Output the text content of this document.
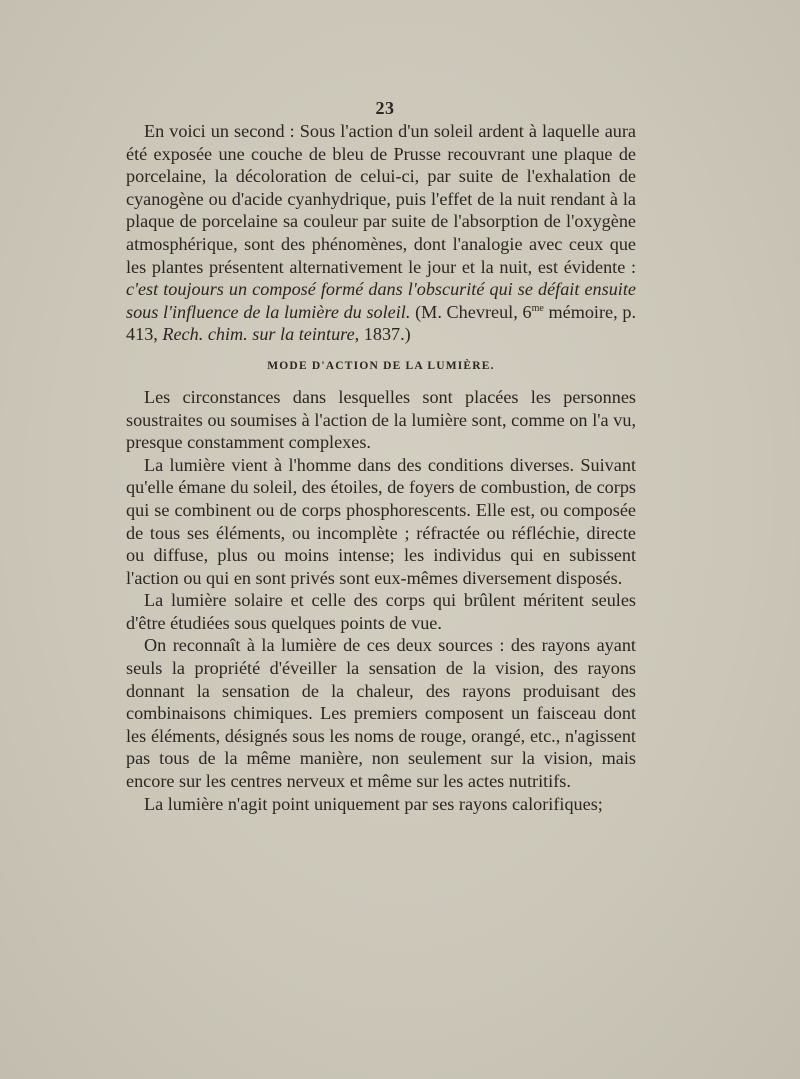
23

En voici un second : Sous l'action d'un soleil ardent à laquelle aura été exposée une couche de bleu de Prusse recouvrant une plaque de porcelaine, la décoloration de celui-ci, par suite de l'exhalation de cyanogène ou d'acide cyanhydrique, puis l'effet de la nuit rendant à la plaque de porcelaine sa couleur par suite de l'absorption de l'oxygène atmosphérique, sont des phénomènes, dont l'analogie avec ceux que les plantes présentent alternativement le jour et la nuit, est évidente : c'est toujours un composé formé dans l'obscurité qui se défait ensuite sous l'influence de la lumière du soleil. (M. Chevreul, $6^{me}$ mémoire, p. 413, Rech. chim. sur la teinture, 1837.)

MODE D'ACTION DE LA LUMIÈRE.

Les circonstances dans lesquelles sont placées les personnes soustraites ou soumises à l'action de la lumière sont, comme on l'a vu, presque constamment complexes.

La lumière vient à l'homme dans des conditions diverses. Suivant qu'elle émane du soleil, des étoiles, de foyers de combustion, de corps qui se combinent ou de corps phosphorescents. Elle est, ou composée de tous ses éléments, ou incomplète ; réfractée ou réfléchie, directe ou diffuse, plus ou moins intense; les individus qui en subissent l'action ou qui en sont privés sont eux-mêmes diversement disposés.

La lumière solaire et celle des corps qui brûlent méritent seules d'être étudiées sous quelques points de vue.

On reconnaît à la lumière de ces deux sources : des rayons ayant seuls la propriété d'éveiller la sensation de la vision, des rayons donnant la sensation de la chaleur, des rayons produisant des combinaisons chimiques. Les premiers composent un faisceau dont les éléments, désignés sous les noms de rouge, orangé, etc., n'agissent pas tous de la même manière, non seulement sur la vision, mais encore sur les centres nerveux et même sur les actes nutritifs.

La lumière n'agit point uniquement par ses rayons calorifiques;
